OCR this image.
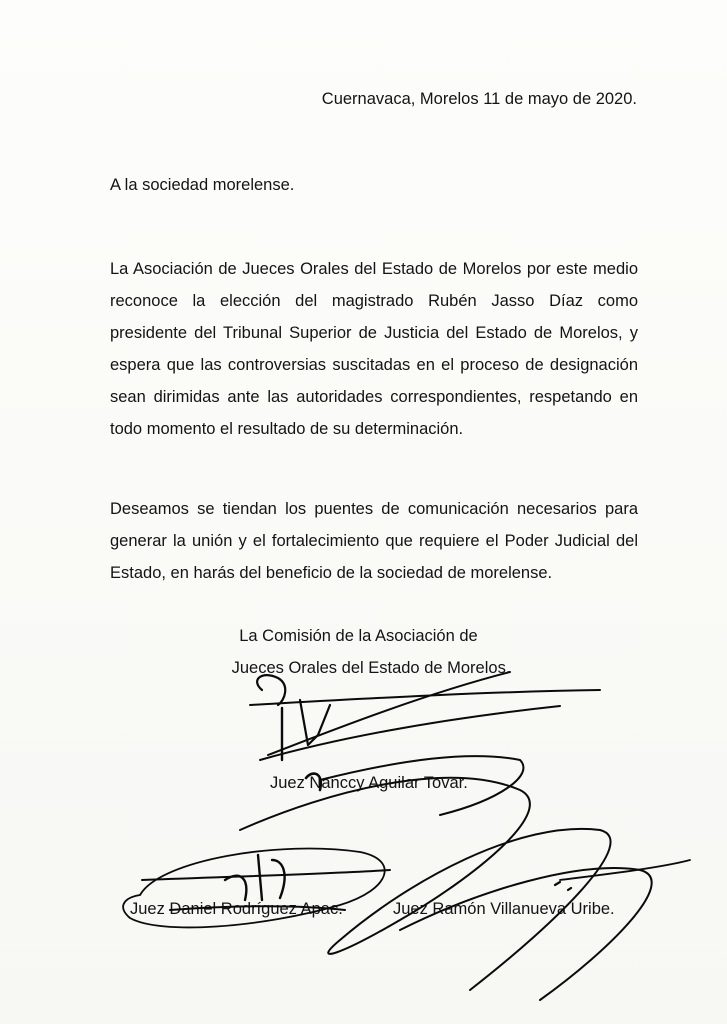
Cuernavaca, Morelos 11 de mayo de 2020.
A la sociedad morelense.
La Asociación de Jueces Orales del Estado de Morelos por este medio reconoce la elección del magistrado Rubén Jasso Díaz como presidente del Tribunal Superior de Justicia del Estado de Morelos, y espera que las controversias suscitadas en el proceso de designación sean dirimidas ante las autoridades correspondientes, respetando en todo momento el resultado de su determinación.
Deseamos se tiendan los puentes de comunicación necesarios para generar la unión y el fortalecimiento que requiere el Poder Judicial del Estado, en harás del beneficio de la sociedad de morelense.
La Comisión de la Asociación de
Jueces Orales del Estado de Morelos.
Juez Nanccy Aguilar Tovar.
Juez Daniel Rodríguez Apac.	Juez Ramón Villanueva Uribe.
